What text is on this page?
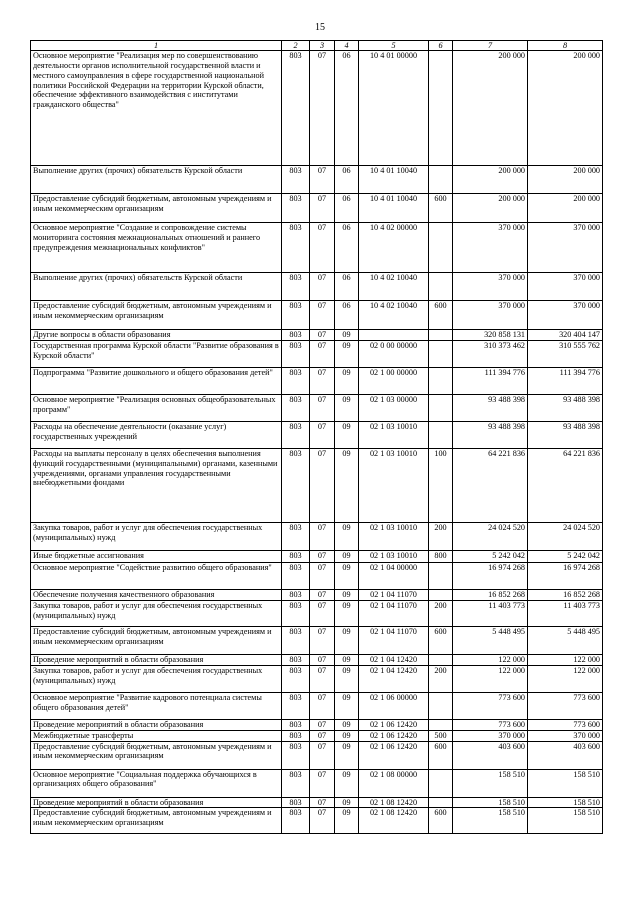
15
1	2	3	4	5	6	7	8
Основное мероприятие "Реализация мер по совершенствованию деятельности органов исполнительной государственной власти и местного самоуправления в сфере государственной национальной политики Российской Федерации на территории Курской области, обеспечение эффективного взаимодействия с институтами гражданского общества"	803	07	06	10 4 01 00000		200 000	200 000
Выполнение других (прочих) обязательств Курской области	803	07	06	10 4 01 10040		200 000	200 000
Предоставление субсидий бюджетным, автономным учреждениям и иным некоммерческим организациям	803	07	06	10 4 01 10040	600	200 000	200 000
Основное мероприятие "Создание и сопровождение системы мониторинга состояния межнациональных отношений и раннего предупреждения межнациональных конфликтов"	803	07	06	10 4 02 00000		370 000	370 000
Выполнение других (прочих) обязательств Курской области	803	07	06	10 4 02 10040		370 000	370 000
Предоставление субсидий бюджетным, автономным учреждениям и иным некоммерческим организациям	803	07	06	10 4 02 10040	600	370 000	370 000
Другие вопросы в области образования	803	07	09			320 858 131	320 404 147
Государственная программа Курской области "Развитие образования в Курской области"	803	07	09	02 0 00 00000		310 373 462	310 555 762
Подпрограмма "Развитие дошкольного и общего образования детей"	803	07	09	02 1 00 00000		111 394 776	111 394 776
Основное мероприятие "Реализация основных общеобразовательных программ"	803	07	09	02 1 03 00000		93 488 398	93 488 398
Расходы на обеспечение деятельности (оказание услуг) государственных учреждений	803	07	09	02 1 03 10010		93 488 398	93 488 398
Расходы на выплаты персоналу в целях обеспечения выполнения функций государственными (муниципальными) органами, казенными учреждениями, органами управления государственными внебюджетными фондами	803	07	09	02 1 03 10010	100	64 221 836	64 221 836
Закупка товаров, работ и услуг для обеспечения государственных (муниципальных) нужд	803	07	09	02 1 03 10010	200	24 024 520	24 024 520
Иные бюджетные ассигнования	803	07	09	02 1 03 10010	800	5 242 042	5 242 042
Основное мероприятие "Содействие развитию общего образования"	803	07	09	02 1 04 00000		16 974 268	16 974 268
Обеспечение получения качественного образования	803	07	09	02 1 04 11070		16 852 268	16 852 268
Закупка товаров, работ и услуг для обеспечения государственных (муниципальных) нужд	803	07	09	02 1 04 11070	200	11 403 773	11 403 773
Предоставление субсидий бюджетным, автономным учреждениям и иным некоммерческим организациям	803	07	09	02 1 04 11070	600	5 448 495	5 448 495
Проведение мероприятий в области образования	803	07	09	02 1 04 12420		122 000	122 000
Закупка товаров, работ и услуг для обеспечения государственных (муниципальных) нужд	803	07	09	02 1 04 12420	200	122 000	122 000
Основное мероприятие "Развитие кадрового потенциала системы общего образования детей"	803	07	09	02 1 06 00000		773 600	773 600
Проведение мероприятий в области образования	803	07	09	02 1 06 12420		773 600	773 600
Межбюджетные трансферты	803	07	09	02 1 06 12420	500	370 000	370 000
Предоставление субсидий бюджетным, автономным учреждениям и иным некоммерческим организациям	803	07	09	02 1 06 12420	600	403 600	403 600
Основное мероприятие "Социальная поддержка обучающихся в организациях общего образования"	803	07	09	02 1 08 00000		158 510	158 510
Проведение мероприятий в области образования	803	07	09	02 1 08 12420		158 510	158 510
Предоставление субсидий бюджетным, автономным учреждениям и иным некоммерческим организациям	803	07	09	02 1 08 12420	600	158 510	158 510
